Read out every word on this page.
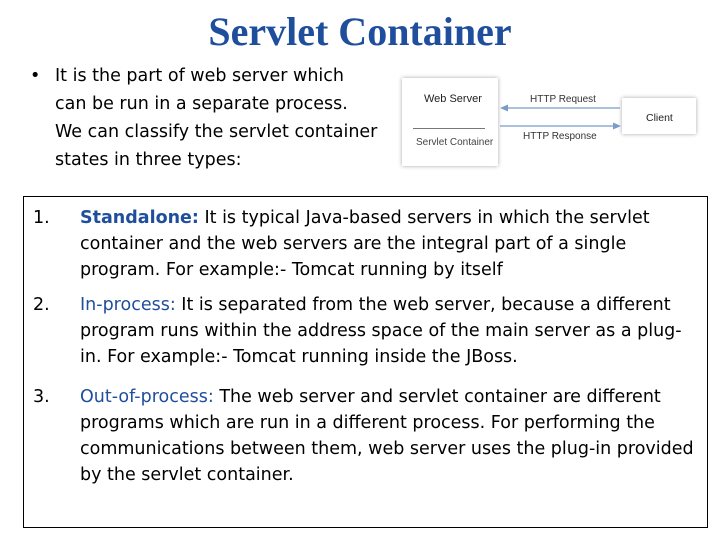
Servlet Container
• It is the part of web server which can be run in a separate process. We can classify the servlet container states in three types:
Web Server
Servlet Container
Client
HTTP Request
HTTP Response
1. Standalone: It is typical Java-based servers in which the servlet container and the web servers are the integral part of a single program. For example:- Tomcat running by itself
2. In-process: It is separated from the web server, because a different program runs within the address space of the main server as a plug-in. For example:- Tomcat running inside the JBoss.
3. Out-of-process: The web server and servlet container are different programs which are run in a different process. For performing the communications between them, web server uses the plug-in provided by the servlet container.
